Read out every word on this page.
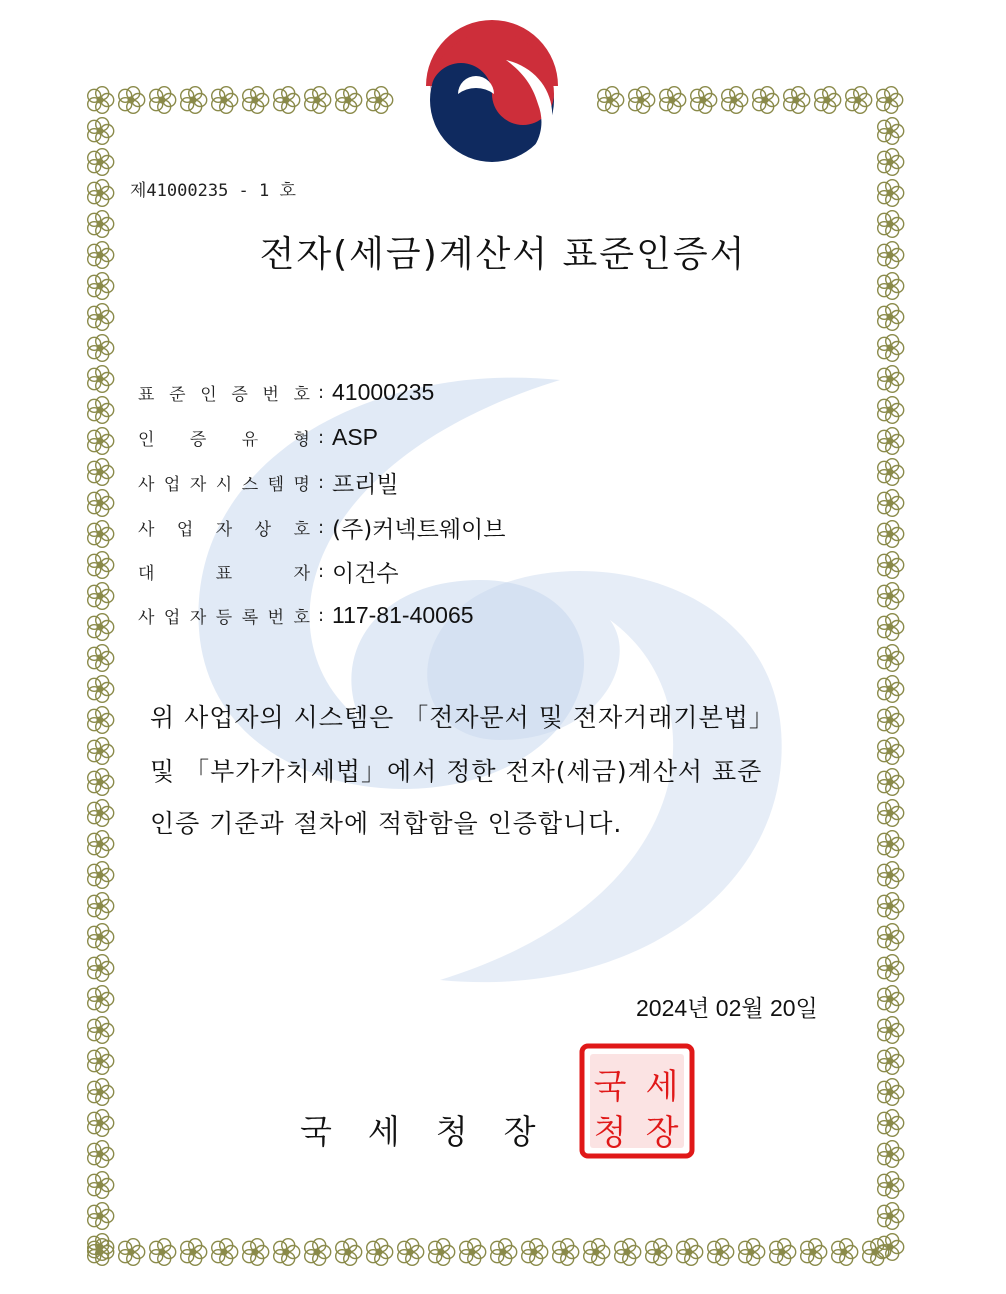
제41000235 - 1 호
전자(세금)계산서 표준인증서
표 준 인 증 번 호 : 41000235
인 증 유 형 : ASP
사 업 자 시 스 템 명 : 프리빌
사 업 자 상 호 : (주)커넥트웨이브
대	표	자 : 이건수
사 업 자 등 록 번 호 : 117-81-40065
위 사업자의 시스템은 「전자문서 및 전자거래기본법」
및 「부가가치세법」에서 정한 전자(세금)계산서 표준
인증 기준과 절차에 적합함을 인증합니다.
2024년 02월 20일
국세청장
국 세
청 장
